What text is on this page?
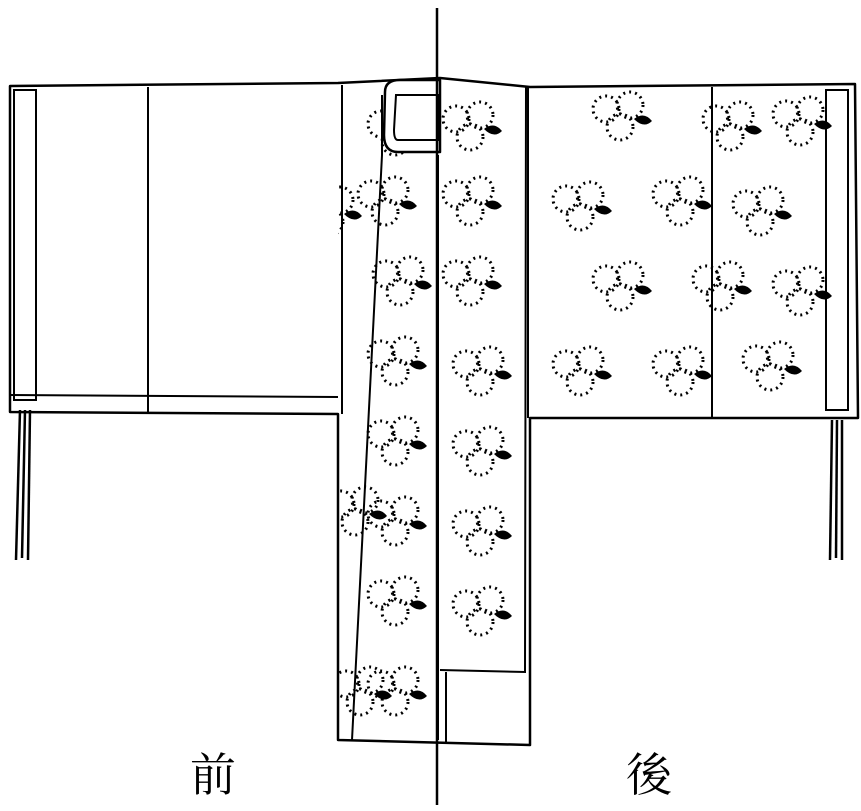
前	後
